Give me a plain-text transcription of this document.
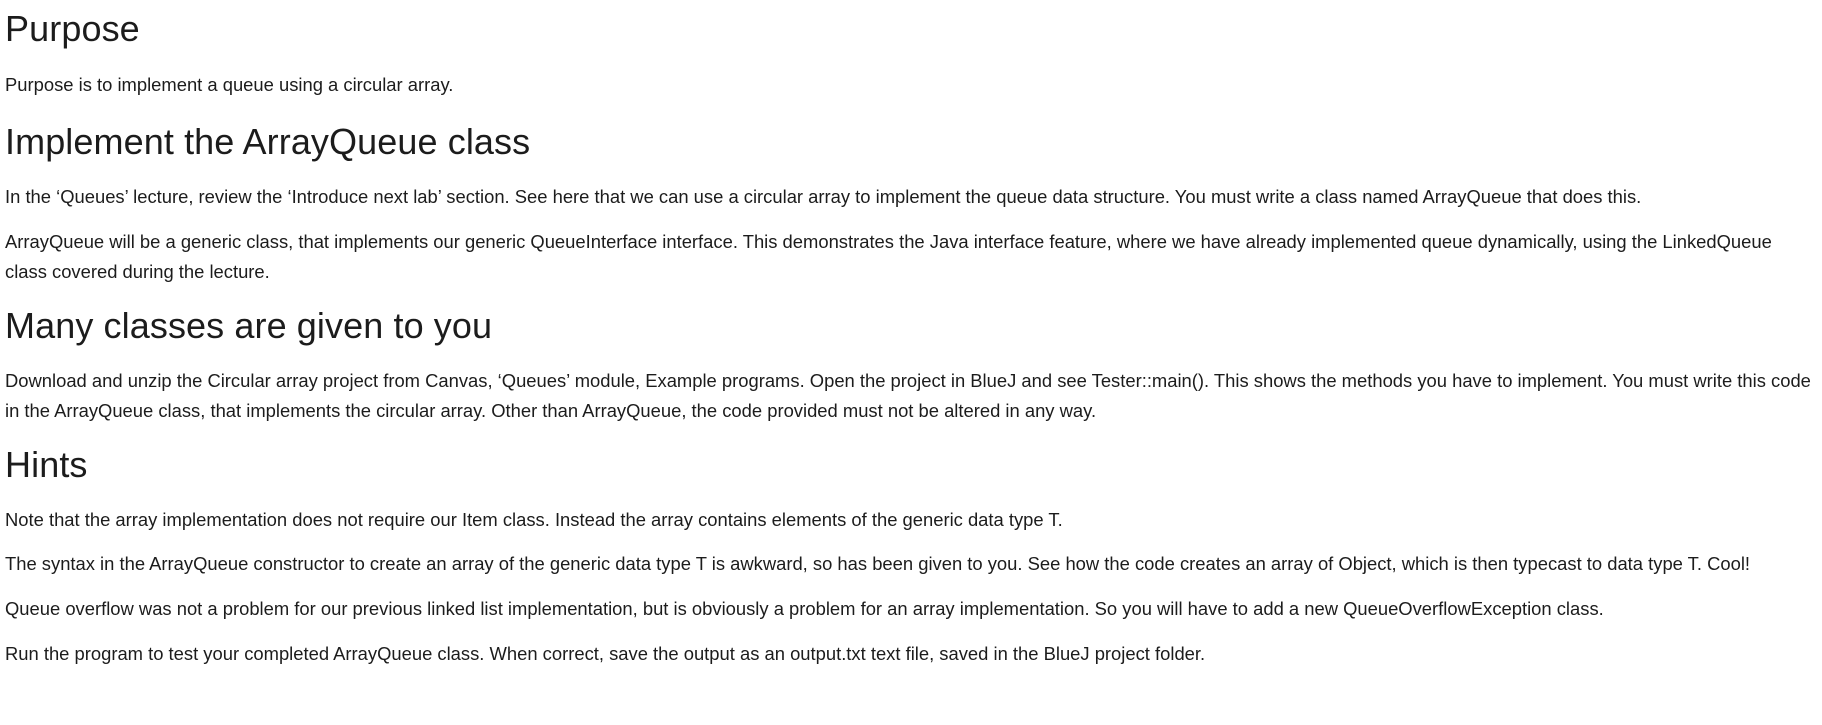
Purpose

Purpose is to implement a queue using a circular array.

Implement the ArrayQueue class

In the ‘Queues’ lecture, review the ‘Introduce next lab’ section. See here that we can use a circular array to implement the queue data structure. You must write a class named ArrayQueue that does this.

ArrayQueue will be a generic class, that implements our generic QueueInterface interface. This demonstrates the Java interface feature, where we have already implemented queue dynamically, using the LinkedQueue class covered during the lecture.

Many classes are given to you

Download and unzip the Circular array project from Canvas, ‘Queues’ module, Example programs. Open the project in BlueJ and see Tester::main(). This shows the methods you have to implement. You must write this code in the ArrayQueue class, that implements the circular array. Other than ArrayQueue, the code provided must not be altered in any way.

Hints

Note that the array implementation does not require our Item class. Instead the array contains elements of the generic data type T.

The syntax in the ArrayQueue constructor to create an array of the generic data type T is awkward, so has been given to you. See how the code creates an array of Object, which is then typecast to data type T. Cool!

Queue overflow was not a problem for our previous linked list implementation, but is obviously a problem for an array implementation. So you will have to add a new QueueOverflowException class.

Run the program to test your completed ArrayQueue class. When correct, save the output as an output.txt text file, saved in the BlueJ project folder.
